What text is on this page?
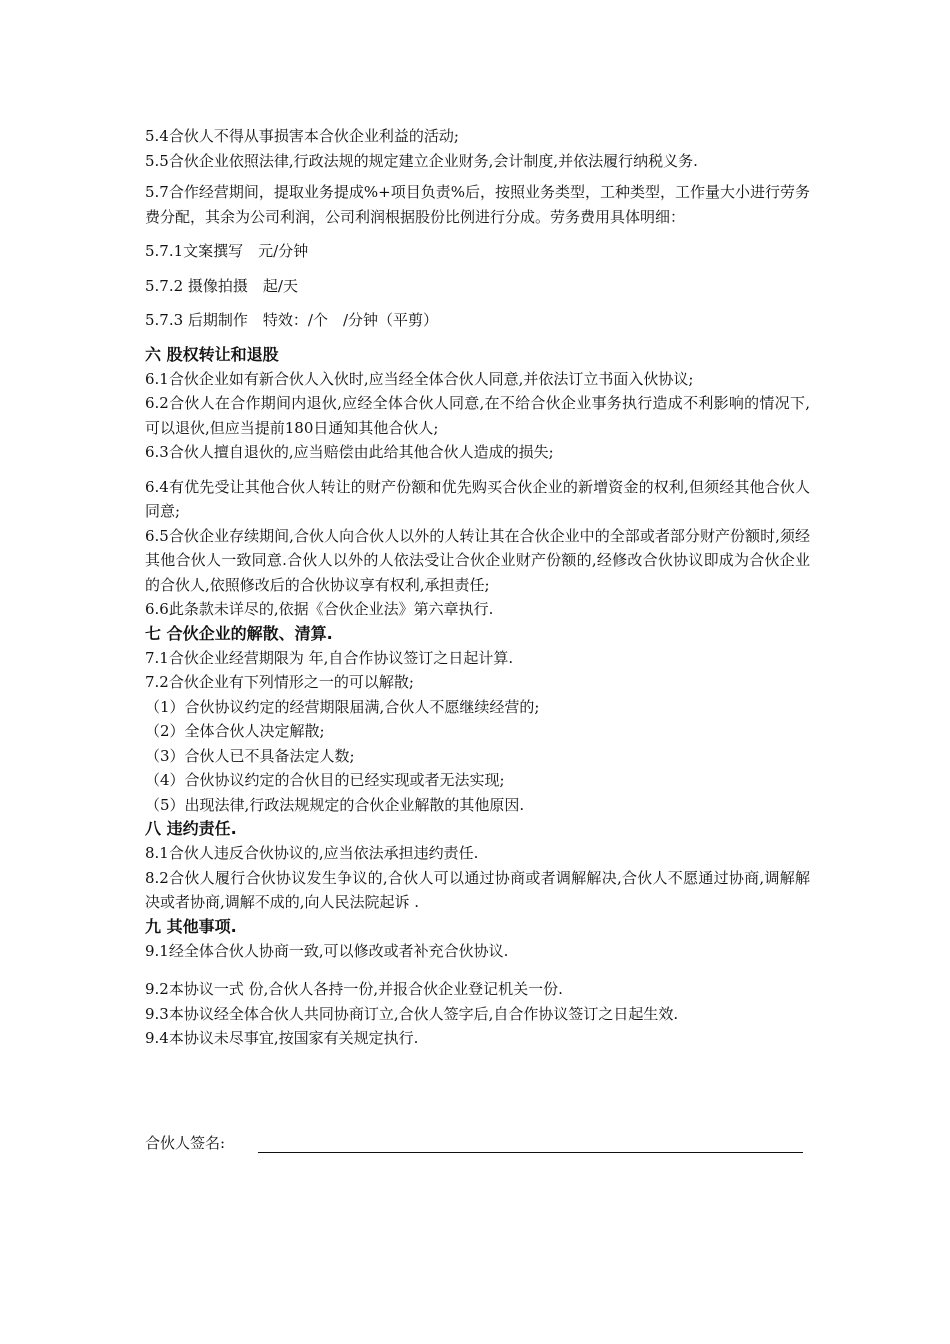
5.4合伙人不得从事损害本合伙企业利益的活动;
5.5合伙企业依照法律,行政法规的规定建立企业财务,会计制度,并依法履行纳税义务.
5.7合作经营期间，提取业务提成%+项目负责%后，按照业务类型，工种类型，工作量大小进行劳务费分配，其余为公司利润，公司利润根据股份比例进行分成。劳务费用具体明细：
5.7.1文案撰写　元/分钟
5.7.2 摄像拍摄　起/天
5.7.3 后期制作　特效：/个　/分钟（平剪）
六 股权转让和退股
6.1合伙企业如有新合伙人入伙时,应当经全体合伙人同意,并依法订立书面入伙协议;
6.2合伙人在合作期间内退伙,应经全体合伙人同意,在不给合伙企业事务执行造成不利影响的情况下,可以退伙,但应当提前180日通知其他合伙人;
6.3合伙人擅自退伙的,应当赔偿由此给其他合伙人造成的损失;
6.4有优先受让其他合伙人转让的财产份额和优先购买合伙企业的新增资金的权利,但须经其他合伙人同意;
6.5合伙企业存续期间,合伙人向合伙人以外的人转让其在合伙企业中的全部或者部分财产份额时,须经其他合伙人一致同意.合伙人以外的人依法受让合伙企业财产份额的,经修改合伙协议即成为合伙企业的合伙人,依照修改后的合伙协议享有权利,承担责任;
6.6此条款未详尽的,依据《合伙企业法》第六章执行.
七 合伙企业的解散、清算.
7.1合伙企业经营期限为 年,自合作协议签订之日起计算.
7.2合伙企业有下列情形之一的可以解散;
（1）合伙协议约定的经营期限届满,合伙人不愿继续经营的;
（2）全体合伙人决定解散;
（3）合伙人已不具备法定人数;
（4）合伙协议约定的合伙目的已经实现或者无法实现;
（5）出现法律,行政法规规定的合伙企业解散的其他原因.
八 违约责任.
8.1合伙人违反合伙协议的,应当依法承担违约责任.
8.2合伙人履行合伙协议发生争议的,合伙人可以通过协商或者调解解决,合伙人不愿通过协商,调解解决或者协商,调解不成的,向人民法院起诉 .
九 其他事项.
9.1经全体合伙人协商一致,可以修改或者补充合伙协议.
9.2本协议一式 份,合伙人各持一份,并报合伙企业登记机关一份.
9.3本协议经全体合伙人共同协商订立,合伙人签字后,自合作协议签订之日起生效.
9.4本协议未尽事宜,按国家有关规定执行.
合伙人签名:
